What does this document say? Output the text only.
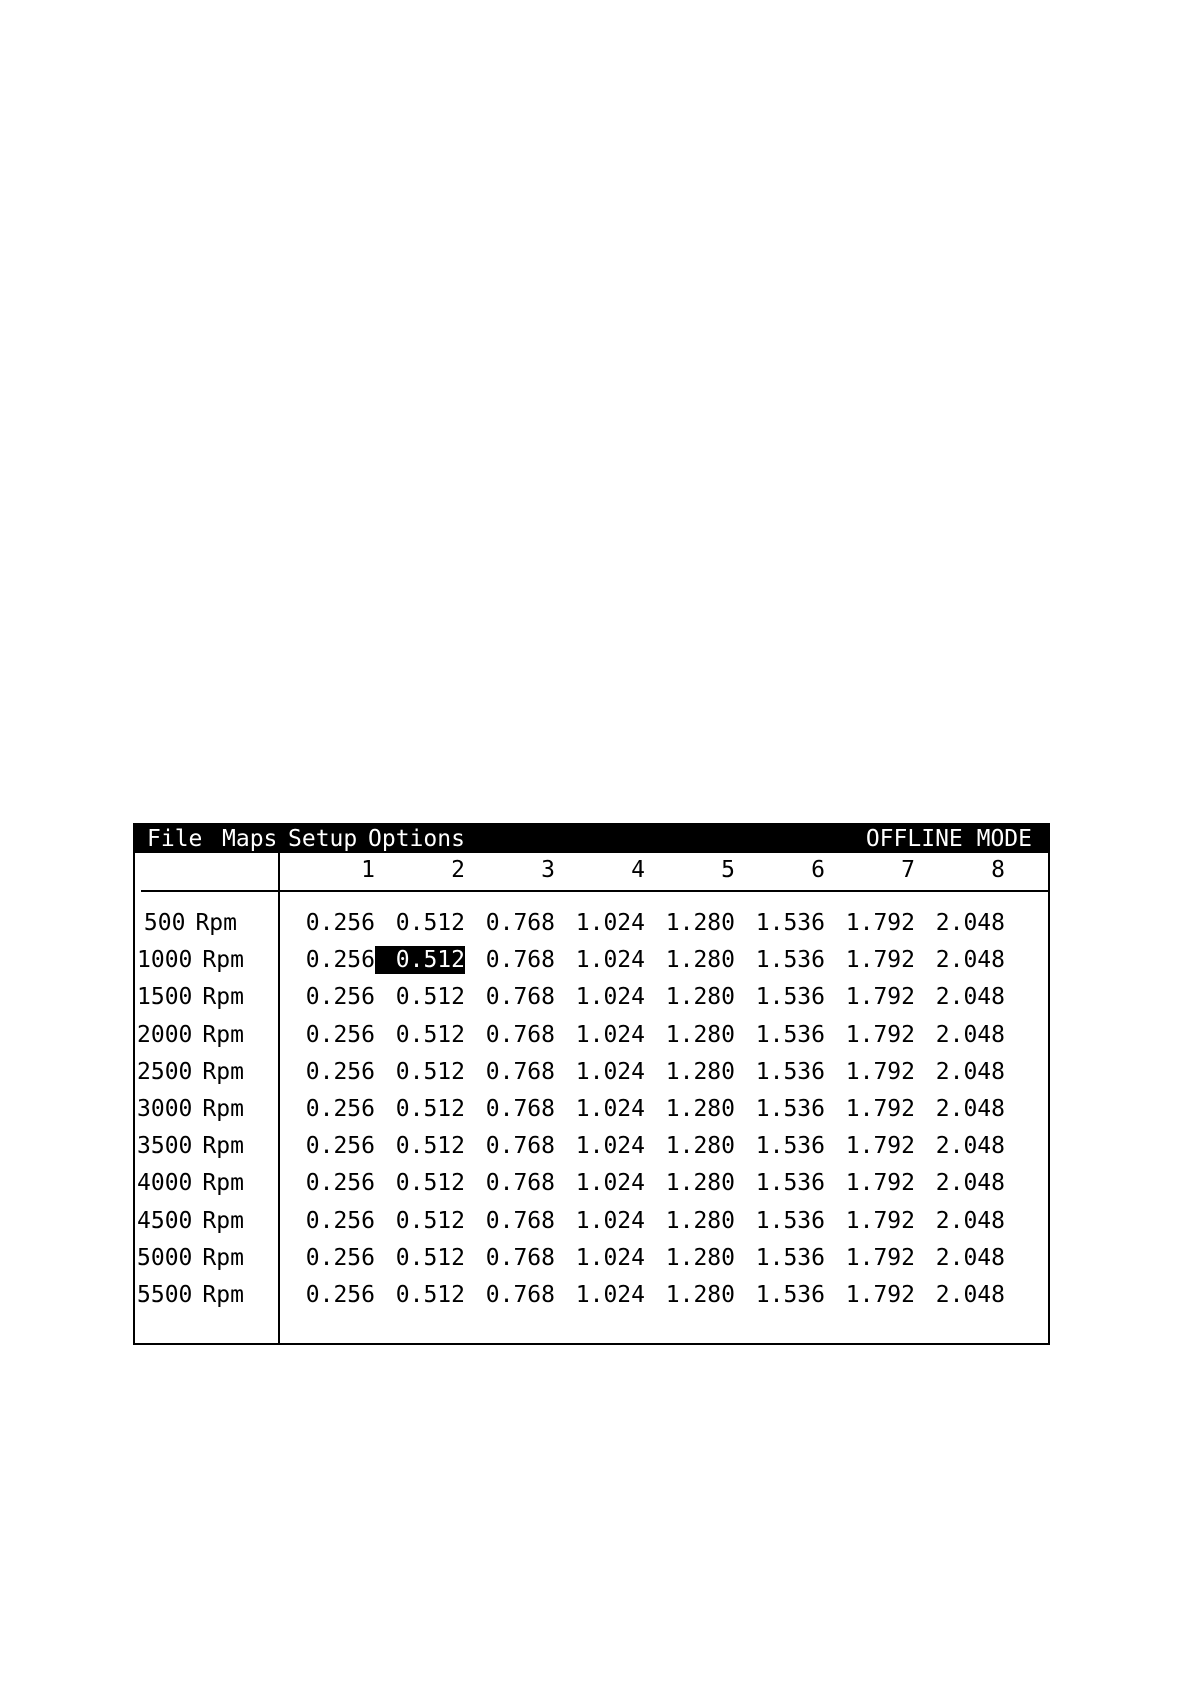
File Maps Setup Options	OFFLINE MODE
1	2	3	4	5	6	7	8
500 Rpm	0.256 0.512 0.768 1.024 1.280 1.536 1.792 2.048
1000 Rpm	0.256 0.512 0.768 1.024 1.280 1.536 1.792 2.048
1500 Rpm	0.256 0.512 0.768 1.024 1.280 1.536 1.792 2.048
2000 Rpm	0.256 0.512 0.768 1.024 1.280 1.536 1.792 2.048
2500 Rpm	0.256 0.512 0.768 1.024 1.280 1.536 1.792 2.048
3000 Rpm	0.256 0.512 0.768 1.024 1.280 1.536 1.792 2.048
3500 Rpm	0.256 0.512 0.768 1.024 1.280 1.536 1.792 2.048
4000 Rpm	0.256 0.512 0.768 1.024 1.280 1.536 1.792 2.048
4500 Rpm	0.256 0.512 0.768 1.024 1.280 1.536 1.792 2.048
5000 Rpm	0.256 0.512 0.768 1.024 1.280 1.536 1.792 2.048
5500 Rpm	0.256 0.512 0.768 1.024 1.280 1.536 1.792 2.048
